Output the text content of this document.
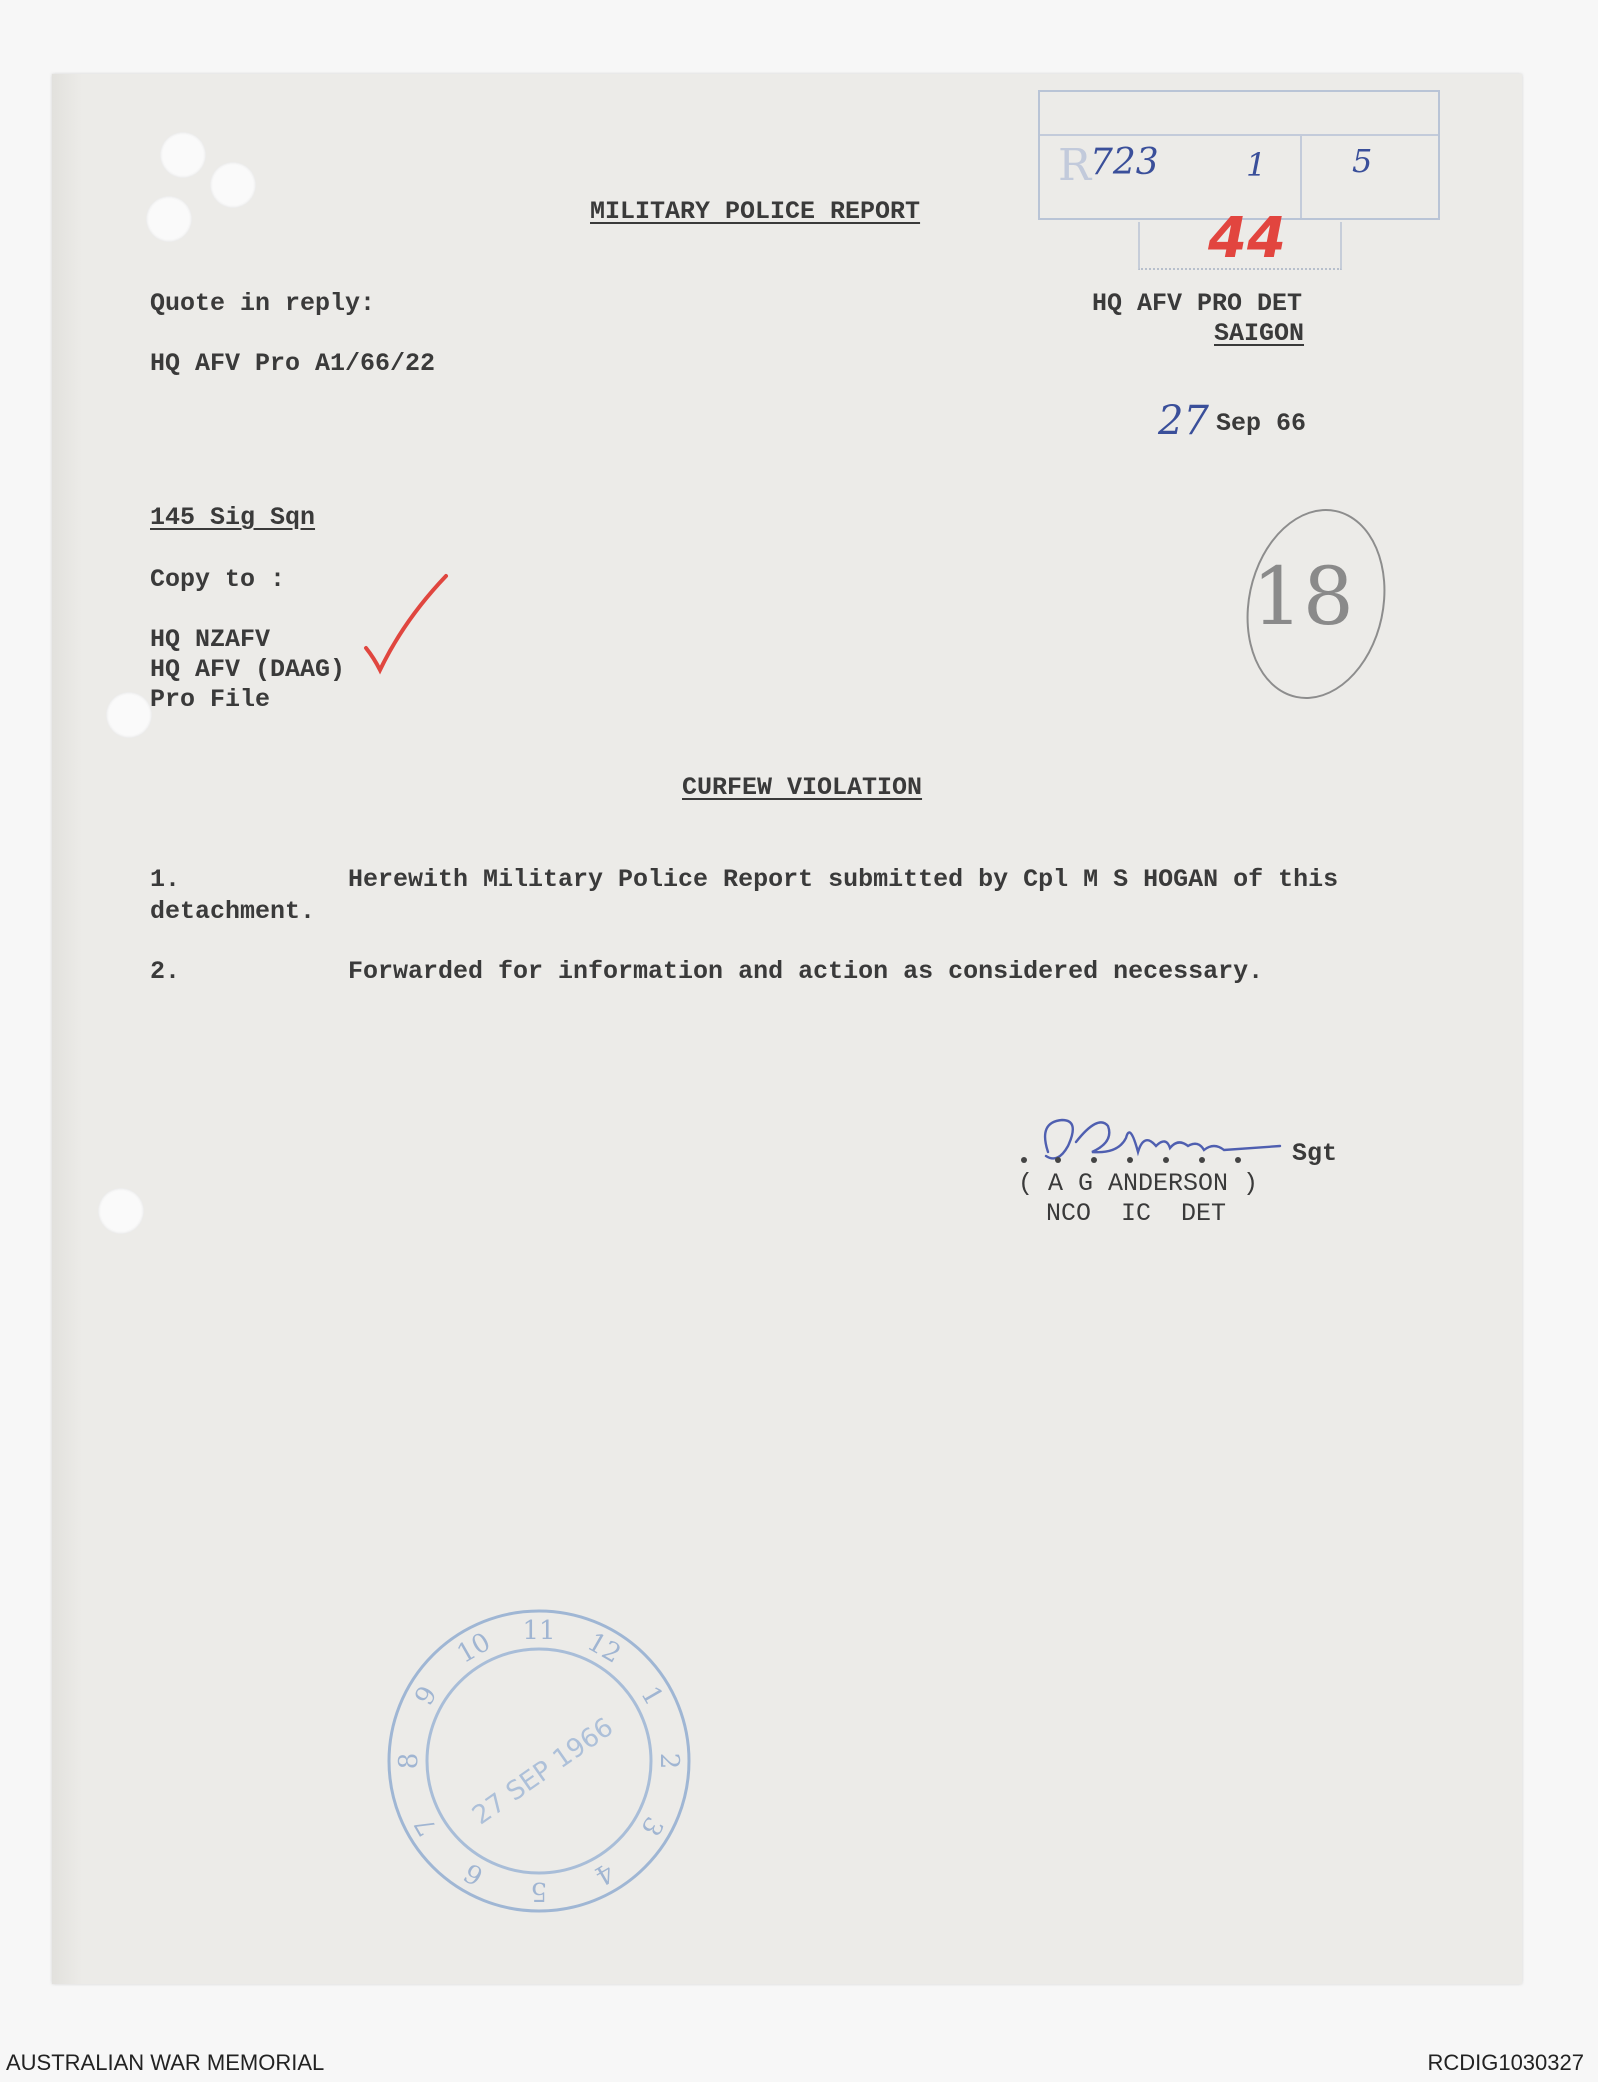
R
723	1	5
44
MILITARY POLICE REPORT
Quote in reply:
HQ AFV Pro A1/66/22
HQ AFV PRO DET
SAIGON
27 Sep 66
18
145 Sig Sqn
Copy to :
HQ NZAFV
HQ AFV (DAAG)
Pro File
CURFEW VIOLATION
1.	Herewith Military Police Report submitted by Cpl M S HOGAN of this
detachment.
2.	Forwarded for information and action as considered necessary.
Sgt
( A G ANDERSON )
NCO  IC  DET
9
10 11 12
1
2
3
4
5
6
7
8 27 SEP 1966
AUSTRALIAN WAR MEMORIAL	RCDIG1030327
